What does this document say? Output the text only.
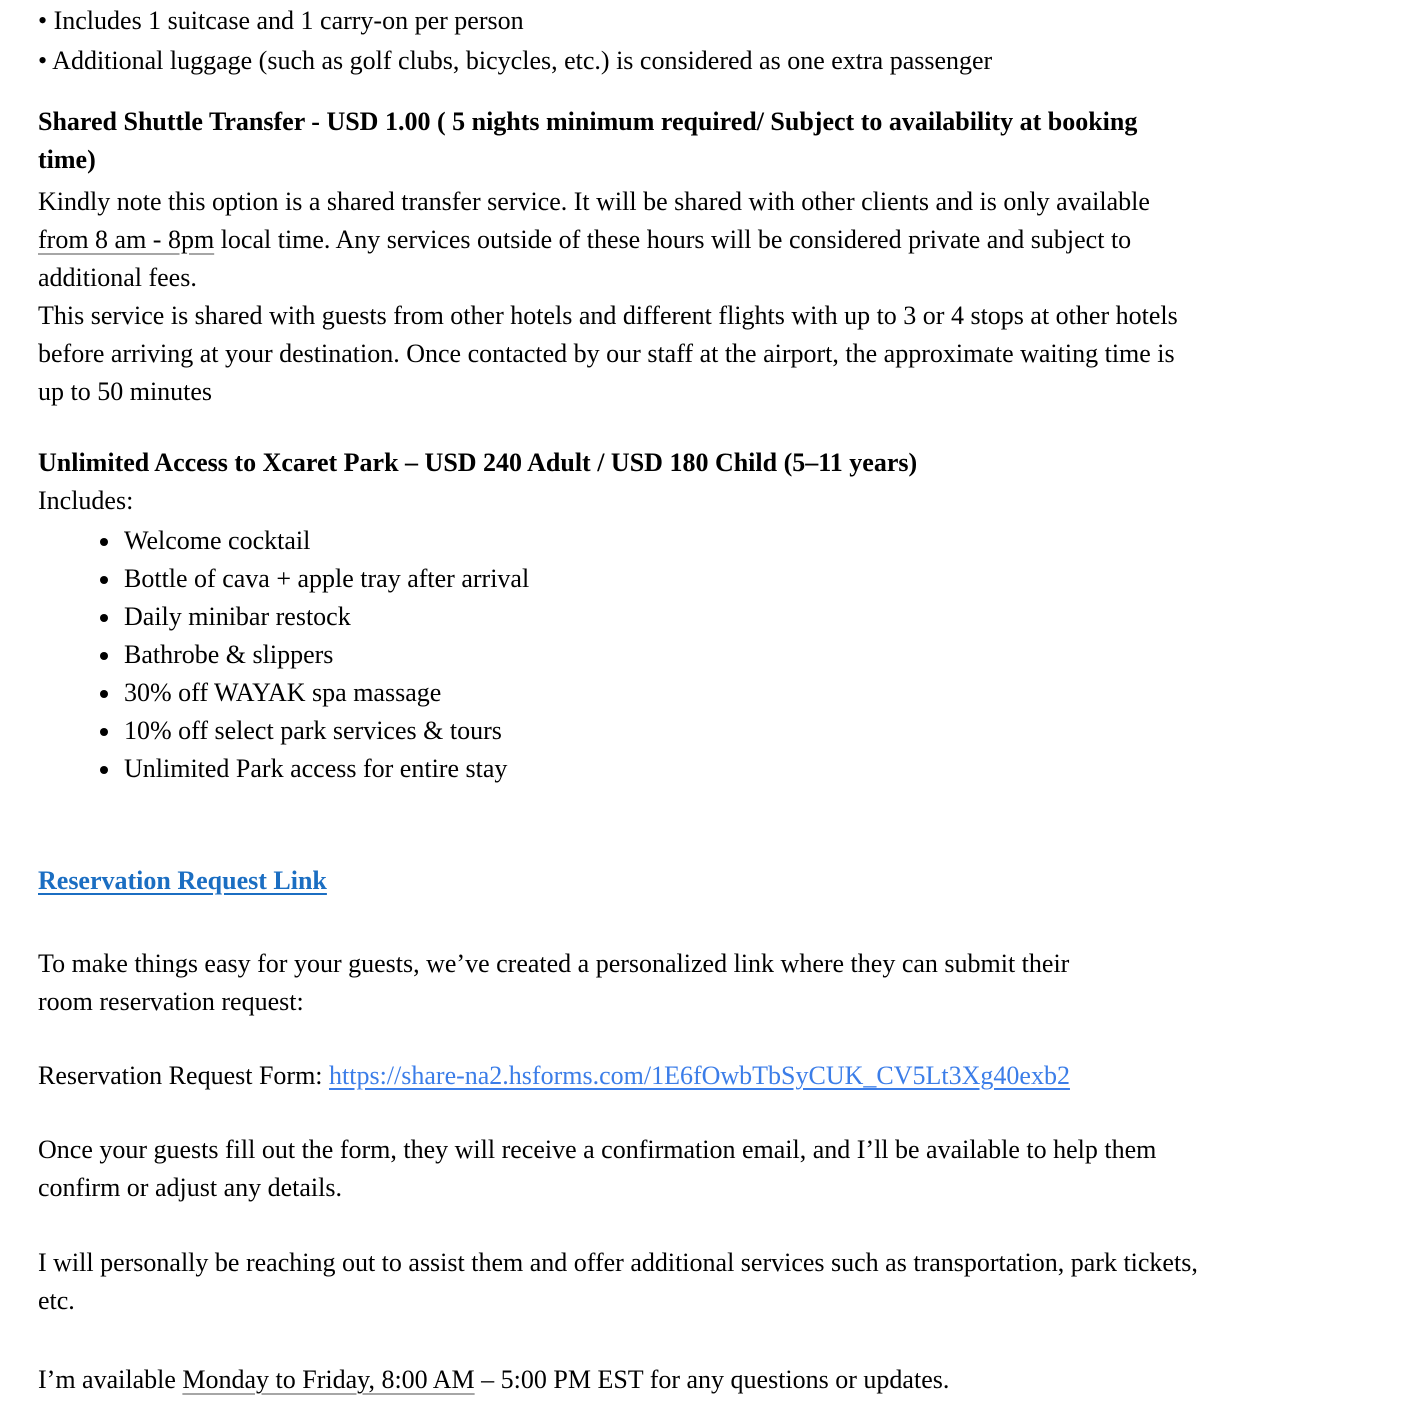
• Includes 1 suitcase and 1 carry-on per person
• Additional luggage (such as golf clubs, bicycles, etc.) is considered as one extra passenger
Shared Shuttle Transfer - USD 1.00 ( 5 nights minimum required/ Subject to availability at booking
time)
Kindly note this option is a shared transfer service. It will be shared with other clients and is only available
from 8 am - 8pm local time. Any services outside of these hours will be considered private and subject to
additional fees.
This service is shared with guests from other hotels and different flights with up to 3 or 4 stops at other hotels
before arriving at your destination. Once contacted by our staff at the airport, the approximate waiting time is
up to 50 minutes
Unlimited Access to Xcaret Park – USD 240 Adult / USD 180 Child (5–11 years)
Includes:
• Welcome cocktail
• Bottle of cava + apple tray after arrival
• Daily minibar restock
• Bathrobe & slippers
• 30% off WAYAK spa massage
• 10% off select park services & tours
• Unlimited Park access for entire stay
Reservation Request Link
To make things easy for your guests, we’ve created a personalized link where they can submit their
room reservation request:
Reservation Request Form: https://share-na2.hsforms.com/1E6fOwbTbSyCUK_CV5Lt3Xg40exb2
Once your guests fill out the form, they will receive a confirmation email, and I’ll be available to help them
confirm or adjust any details.
I will personally be reaching out to assist them and offer additional services such as transportation, park tickets,
etc.
I’m available Monday to Friday, 8:00 AM – 5:00 PM EST for any questions or updates.
